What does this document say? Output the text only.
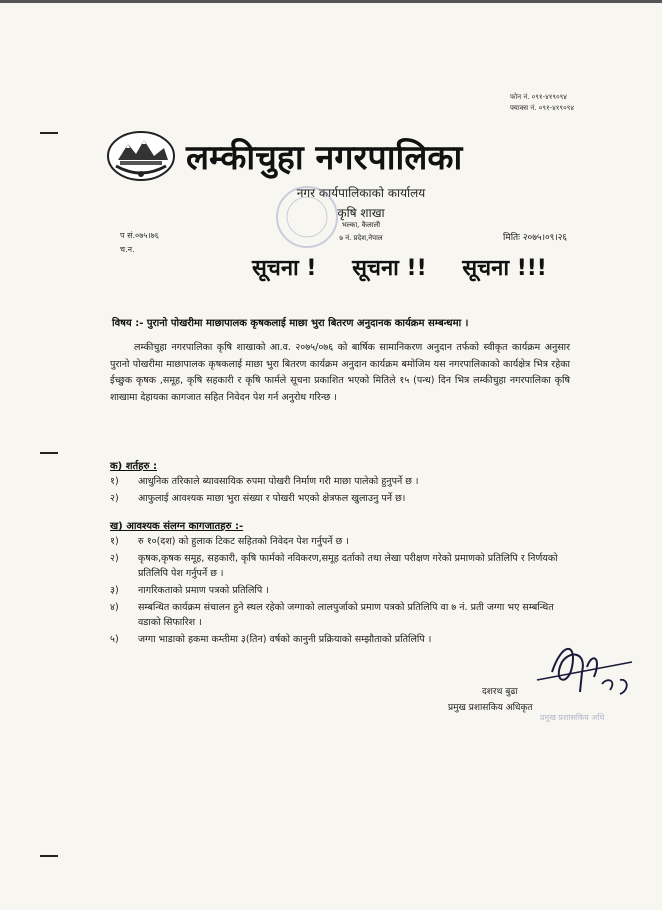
फोन नं. ०९१-४१९०९४
फ्याक्स नं. ०९१-४१९०९४
लम्कीचुहा नगरपालिका
नगर कार्यपालिकाको कार्यालय
कृषि शाखा
भल्का, कैलाली
७ नं. प्रदेश,नेपाल
प सं.०७५।७६
च.न.
मितिः २०७५।०९।२६
सूचना ! सूचना !! सूचना !!!
विषय :- पुरानो पोखरीमा माछापालक कृषकलाई माछा भुरा बितरण अनुदानक कार्यक्रम सम्बन्धमा ।
लम्कीचुहा नगरपालिका कृषि शाखाको आ.व. २०७५/०७६ को बार्षिक सामानिकरण अनुदान तर्फको स्वीकृत कार्यक्रम अनुसार पुरानो पोखरीमा माछापालक कृषकलाई माछा भुरा बितरण कार्यक्रम अनुदान कार्यक्रम बमोजिम यस नगरपालिकाको कार्यक्षेत्र भित्र रहेका ईच्छुक कृषक ,समूह, कृषि सहकारी र कृषि फार्मले सूचना प्रकाशित भएको मितिले १५ (पन्ध) दिन भित्र लम्कीचुहा नगरपालिका कृषि शाखामा देहायका कागजात सहित निवेदन पेश गर्न अनुरोध गरिन्छ ।
क) शर्तहरु :
१)	आधुनिक तरिकाले ब्यावसायिक रुपमा पोखरी निर्माण गरी माछा पालेको हुनुपर्ने छ ।
२)	आफुलाई आवश्यक माछा भुरा संख्या र पोखरी भएको क्षेत्रफल खुलाउनु पर्ने छ।
ख) आवश्यक संलग्न कागजातहरु :-
१)	रु १०(दश) को हुलाक टिकट सहितको निवेदन पेश गर्नुपर्ने छ ।
२)	कृषक,कृषक समूह, सहकारी, कृषि फार्मको नविकरण,समूह दर्ताको तथा लेखा परीक्षण गरेको प्रमाणको प्रतिलिपि र निर्णयको प्रतिलिपि पेश गर्नुपर्ने छ ।
३)	नागरिकताको प्रमाण पत्रको प्रतिलिपि ।
४)	सम्बन्धित कार्यक्रम संचालन हुने स्थल रहेको जग्गाको लालपुर्जाको प्रमाण पत्रको प्रतिलिपि वा ७ नं. प्रती जग्गा भए सम्बन्धित वडाको सिफारिश ।
५)	जग्गा भाडाको हकमा कम्तीमा ३(तिन) वर्षको कानुनी प्रक्रियाको सम्झौताको प्रतिलिपि ।
दशरथ बुढा
प्रमुख प्रशासकिय अधिकृत
प्रमुख प्रशासकिय अधि
